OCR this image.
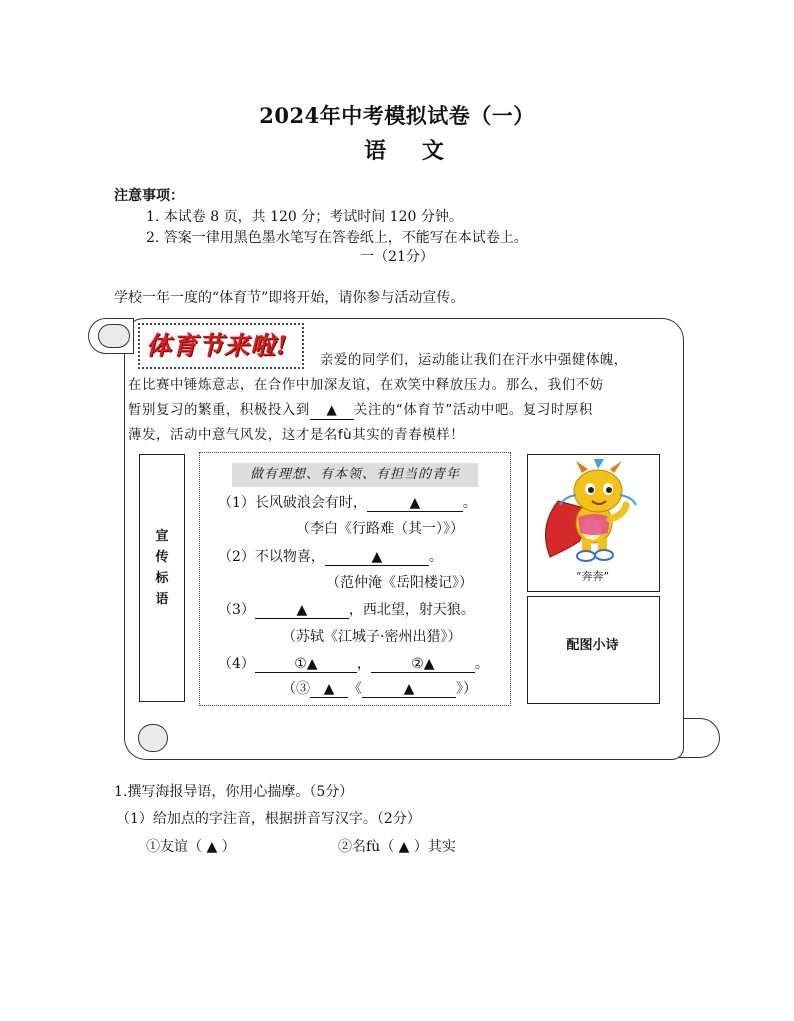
2024年中考模拟试卷（一）
语 文
注意事项：
1. 本试卷 8 页，共 120 分；考试时间 120 分钟。
2. 答案一律用黑色墨水笔写在答卷纸上，不能写在本试卷上。
一（21分）
学校一年一度的“体育节”即将开始，请你参与活动宣传。
体育节来啦!
亲爱的同学们，运动能让我们在汗水中强健体魄，
在比赛中锤炼意志，在合作中加深友谊，在欢笑中释放压力。那么，我们不妨
暂别复习的繁重，积极投入到 ▲ 关注的“体育节”活动中吧。复习时厚积
薄发，活动中意气风发，这才是名fù其实的青春模样！
宣
传
标
语
做有理想、有本领、有担当的青年
（1）长风破浪会有时，	▲	。
（李白《行路难（其一）》）
（2）不以物喜，	▲	。
（范仲淹《岳阳楼记》）
（3）	▲	，西北望，射天狼。
（苏轼《江城子·密州出猎》）
（4）	①▲	，	②▲	。
（③ ▲ 《	▲	》）
“奔奔”
配图小诗
1.撰写海报导语，你用心揣摩。（5分）
（1）给加点的字注音，根据拼音写汉字。（2分）
①友谊（ ▲ ）	②名fù（ ▲ ）其实
